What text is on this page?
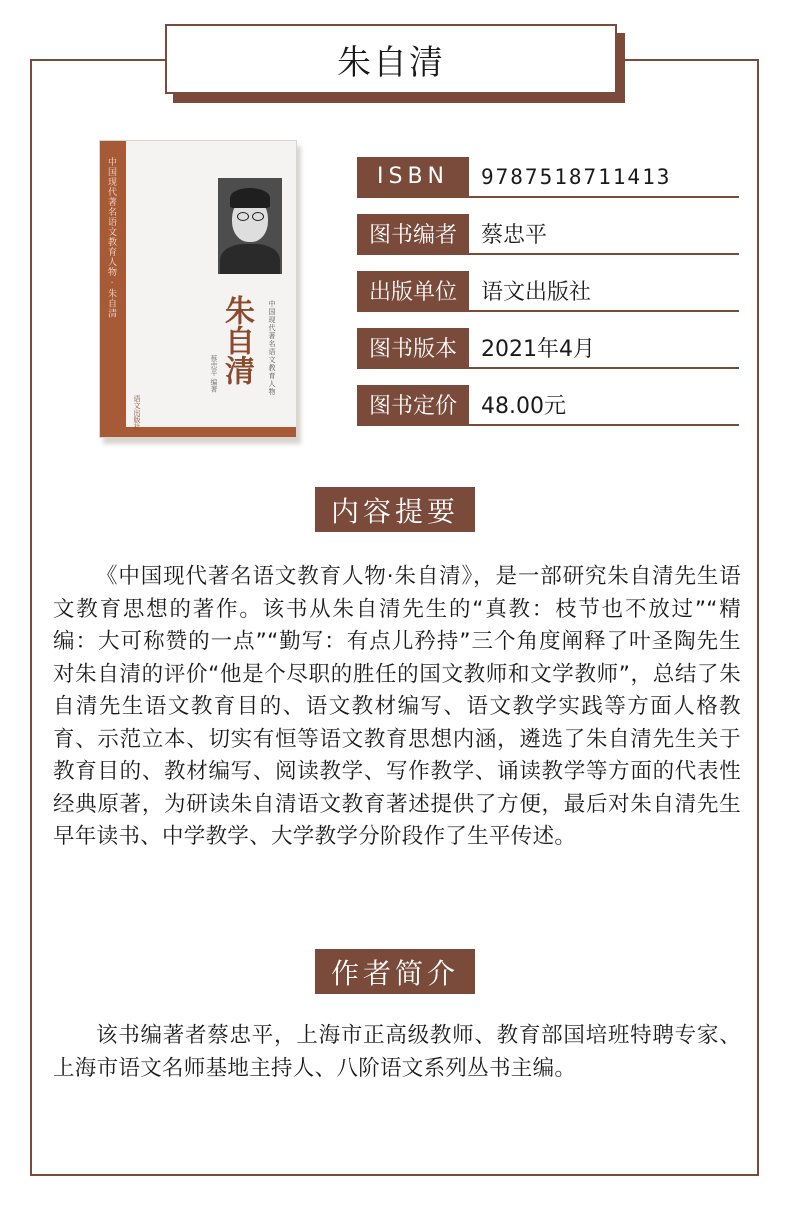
朱自清
中国现代著名语文教育人物 · 朱自清
中国现代著名语文教育人物
朱自清
蔡忠平 编著
语文出版社
ISBN	9787518711413
图书编者	蔡忠平
出版单位	语文出版社
图书版本	2021年4月
图书定价	48.00元
内容提要

《中国现代著名语文教育人物·朱自清》，是一部研究朱自清先生语文教育思想的著作。该书从朱自清先生的“真教：枝节也不放过”“精编：大可称赞的一点”“勤写：有点儿矜持”三个角度阐释了叶圣陶先生对朱自清的评价“他是个尽职的胜任的国文教师和文学教师”，总结了朱自清先生语文教育目的、语文教材编写、语文教学实践等方面人格教育、示范立本、切实有恒等语文教育思想内涵，遴选了朱自清先生关于教育目的、教材编写、阅读教学、写作教学、诵读教学等方面的代表性经典原著，为研读朱自清语文教育著述提供了方便，最后对朱自清先生早年读书、中学教学、大学教学分阶段作了生平传述。

作者简介

该书编著者蔡忠平，上海市正高级教师、教育部国培班特聘专家、上海市语文名师基地主持人、八阶语文系列丛书主编。
